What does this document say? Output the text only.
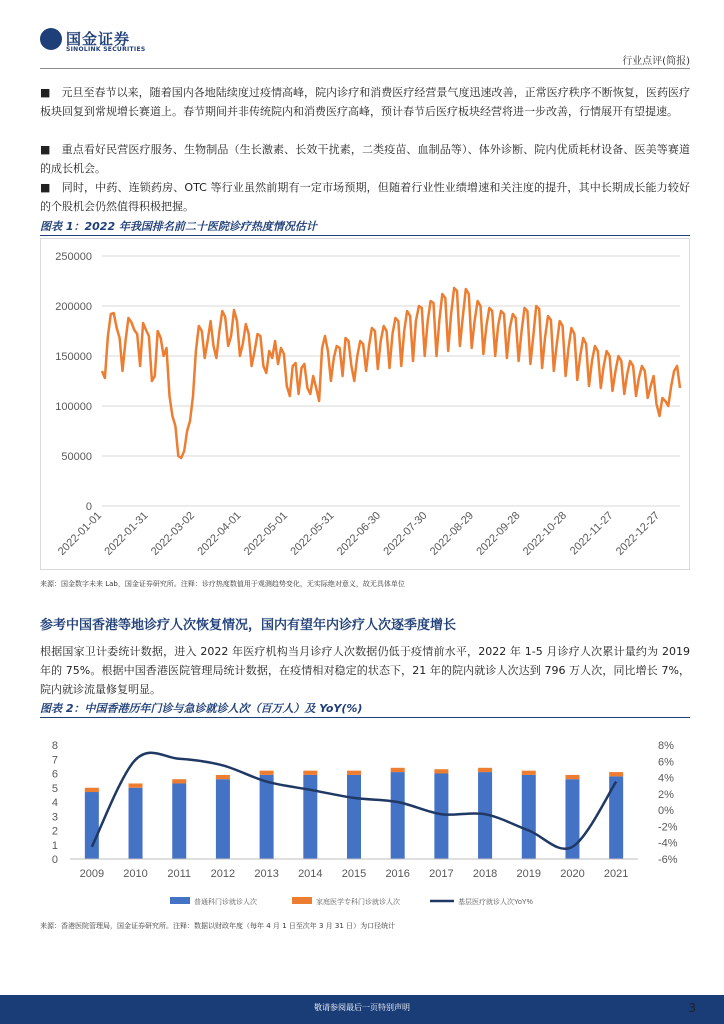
国金证券
SINOLINK SECURITIES
行业点评(简报)
■　元旦至春节以来，随着国内各地陆续度过疫情高峰，院内诊疗和消费医疗经营景气度迅速改善，正常医疗秩序不断恢复，医药医疗板块回复到常规增长赛道上。春节期间并非传统院内和消费医疗高峰，预计春节后医疗板块经营将进一步改善，行情展开有望提速。
■　重点看好民营医疗服务、生物制品（生长激素、长效干扰素，二类疫苗、血制品等）、体外诊断、院内优质耗材设备、医美等赛道的成长机会。
■　同时，中药、连锁药房、OTC 等行业虽然前期有一定市场预期，但随着行业性业绩增速和关注度的提升，其中长期成长能力较好的个股机会仍然值得积极把握。
图表 1：2022 年我国排名前二十医院诊疗热度情况估计
250000
200000
150000
100000
50000
0
2022-01-01
2022-01-31
2022-03-02
2022-04-01
2022-05-01
2022-05-31
2022-06-30
2022-07-30
2022-08-29
2022-09-28
2022-10-28
2022-11-27
2022-12-27
来源：国金数字未来 Lab，国金证券研究所。注释：诊疗热度数值用于观测趋势变化，无实际绝对意义，故无具体单位
参考中国香港等地诊疗人次恢复情况，国内有望年内诊疗人次逐季度增长
根据国家卫计委统计数据，进入 2022 年医疗机构当月诊疗人次数据仍低于疫情前水平，2022 年 1-5 月诊疗人次累计量约为 2019 年的 75%。根据中国香港医院管理局统计数据，在疫情相对稳定的状态下，21 年的院内就诊人次达到 796 万人次，同比增长 7%，院内就诊流量修复明显。
图表 2：中国香港历年门诊与急诊就诊人次（百万人）及 YoY(%)
8
7
6
5
4
3
2
1
0
8%
6%
4%
2%
0%
-2%
-4%
-6%
2009 2010 2011 2012 2013 2014 2015 2016 2017 2018 2019 2020 2021
普通科门诊就诊人次	家庭医学专科门诊就诊人次	基层医疗就诊人次YoY%
来源：香港医院管理局，国金证券研究所。注释：数据以财政年度（每年 4 月 1 日至次年 3 月 31 日）为口径统计
敬请参阅最后一页特别声明	3
